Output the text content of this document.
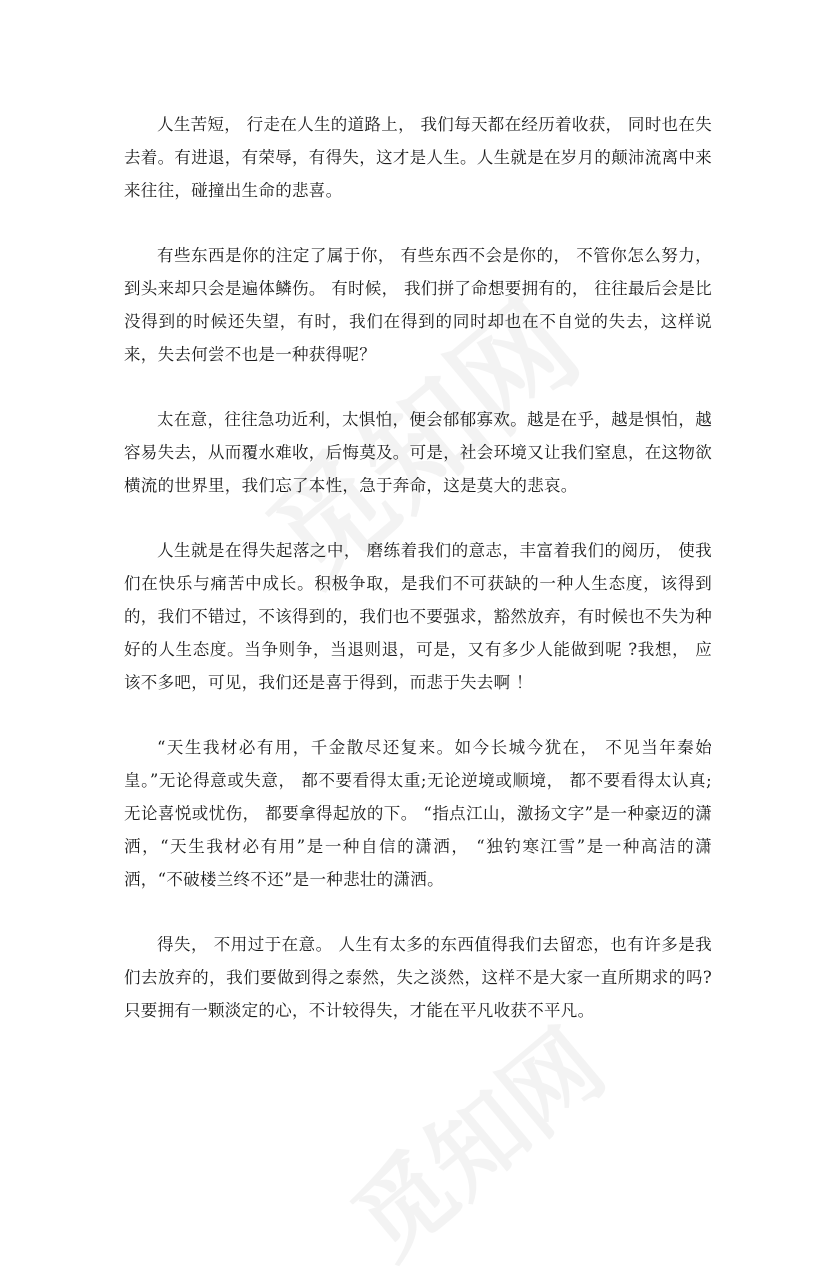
人生苦短， 行走在人生的道路上， 我们每天都在经历着收获， 同时也在失去着。有进退，有荣辱，有得失，这才是人生。人生就是在岁月的颠沛流离中来来往往，碰撞出生命的悲喜。

有些东西是你的注定了属于你， 有些东西不会是你的， 不管你怎么努力， 到头来却只会是遍体鳞伤。 有时候， 我们拼了命想要拥有的， 往往最后会是比没得到的时候还失望，有时，我们在得到的同时却也在不自觉的失去，这样说来，失去何尝不也是一种获得呢？

太在意，往往急功近利，太惧怕，便会郁郁寡欢。越是在乎，越是惧怕，越容易失去，从而覆水难收，后悔莫及。可是，社会环境又让我们窒息，在这物欲横流的世界里，我们忘了本性，急于奔命，这是莫大的悲哀。

人生就是在得失起落之中， 磨练着我们的意志，丰富着我们的阅历， 使我们在快乐与痛苦中成长。积极争取，是我们不可获缺的一种人生态度，该得到的，我们不错过，不该得到的，我们也不要强求，豁然放弃，有时候也不失为种好的人生态度。当争则争，当退则退，可是，又有多少人能做到呢 ?我想， 应该不多吧，可见，我们还是喜于得到，而悲于失去啊 ！

“天生我材必有用，千金散尽还复来。如今长城今犹在， 不见当年秦始皇。”无论得意或失意， 都不要看得太重;无论逆境或顺境， 都不要看得太认真;无论喜悦或忧伤， 都要拿得起放的下。 “指点江山，激扬文字”是一种豪迈的潇洒，“天生我材必有用”是一种自信的潇洒， “独钓寒江雪”是一种高洁的潇洒，“不破楼兰终不还”是一种悲壮的潇洒。

得失， 不用过于在意。 人生有太多的东西值得我们去留恋，也有许多是我们去放弃的，我们要做到得之泰然，失之淡然，这样不是大家一直所期求的吗?只要拥有一颗淡定的心，不计较得失，才能在平凡收获不平凡。
